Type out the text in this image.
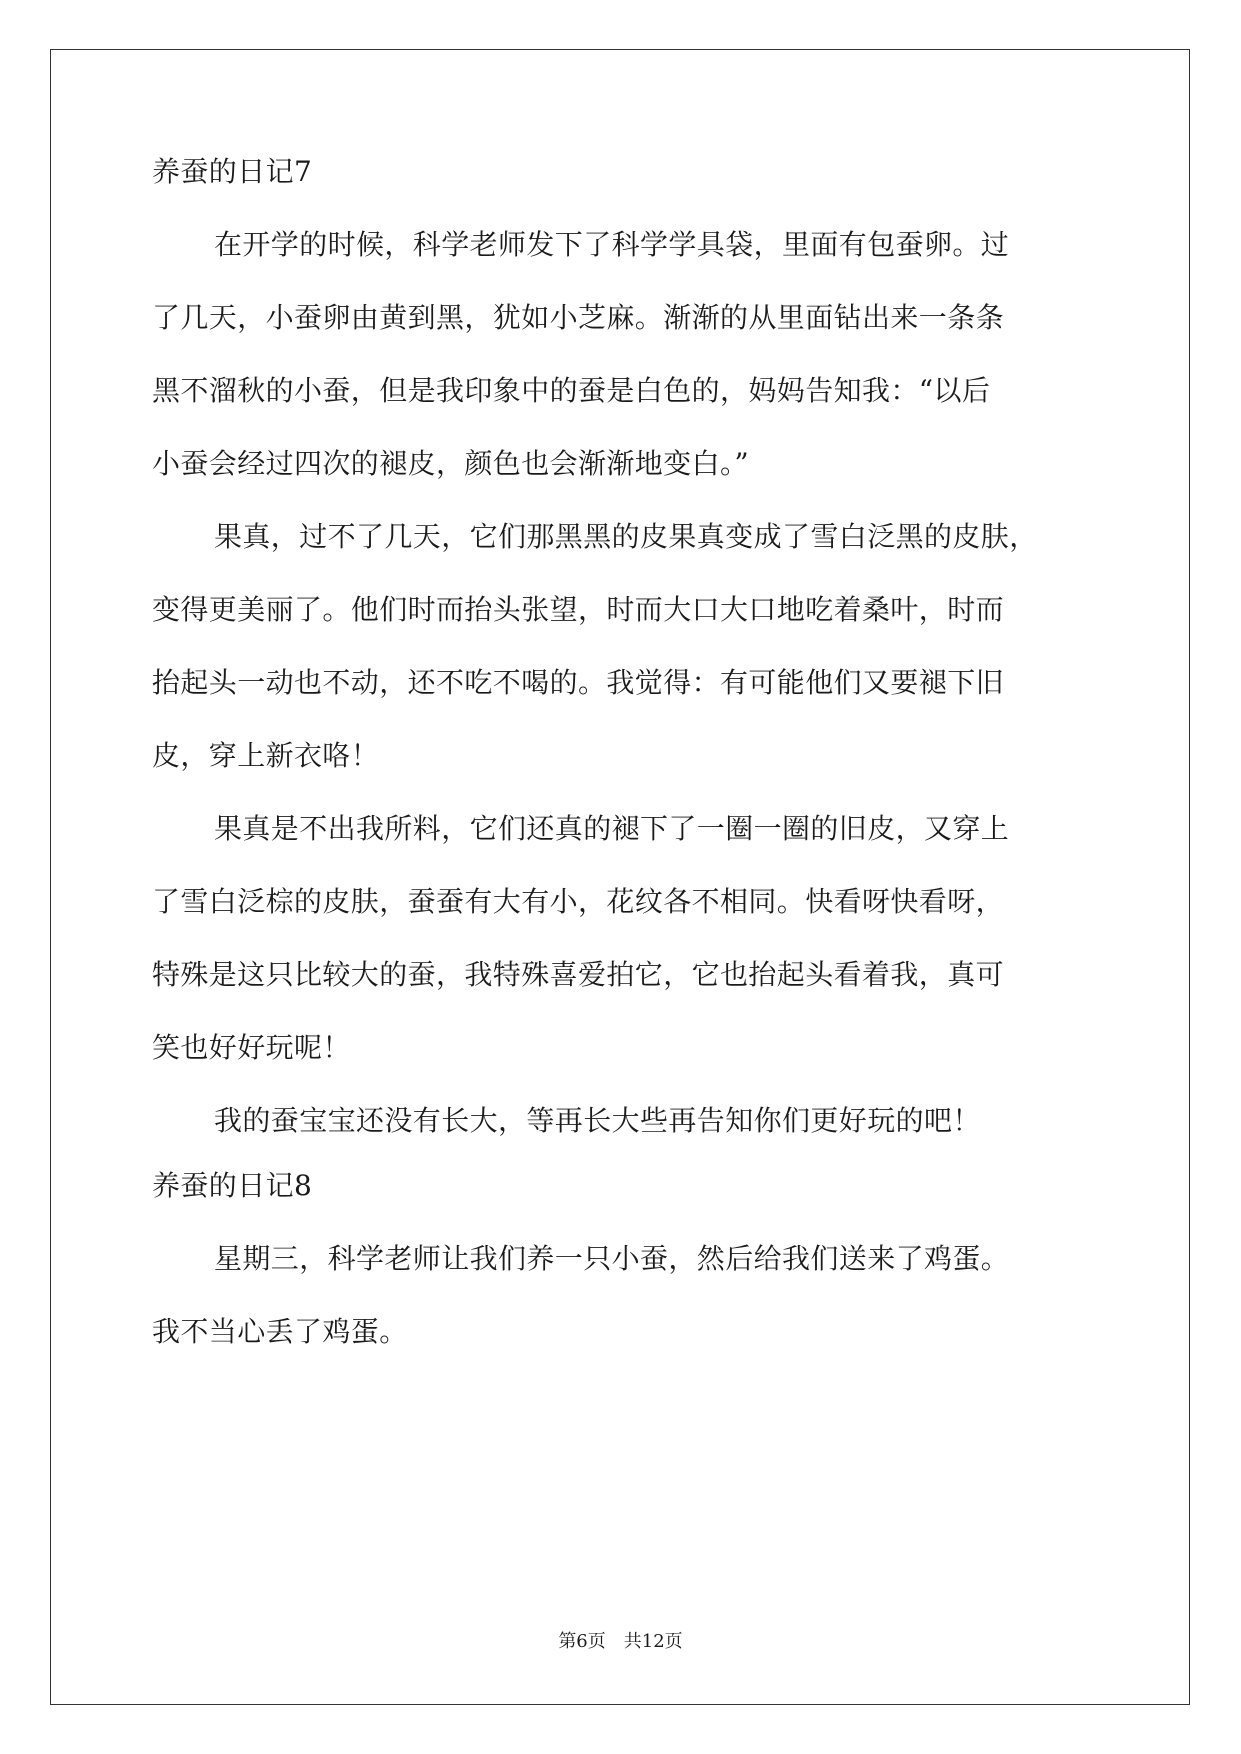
养蚕的日记7
在开学的时候，科学老师发下了科学学具袋，里面有包蚕卵。过
了几天，小蚕卵由黄到黑，犹如小芝麻。渐渐的从里面钻出来一条条
黑不溜秋的小蚕，但是我印象中的蚕是白色的，妈妈告知我：“以后
小蚕会经过四次的褪皮，颜色也会渐渐地变白。”
果真，过不了几天，它们那黑黑的皮果真变成了雪白泛黑的皮肤，
变得更美丽了。他们时而抬头张望，时而大口大口地吃着桑叶，时而
抬起头一动也不动，还不吃不喝的。我觉得：有可能他们又要褪下旧
皮，穿上新衣咯！
果真是不出我所料，它们还真的褪下了一圈一圈的旧皮，又穿上
了雪白泛棕的皮肤，蚕蚕有大有小，花纹各不相同。快看呀快看呀，
特殊是这只比较大的蚕，我特殊喜爱拍它，它也抬起头看着我，真可
笑也好好玩呢！
我的蚕宝宝还没有长大，等再长大些再告知你们更好玩的吧！
养蚕的日记8
星期三，科学老师让我们养一只小蚕，然后给我们送来了鸡蛋。
我不当心丢了鸡蛋。
第6页 共12页
